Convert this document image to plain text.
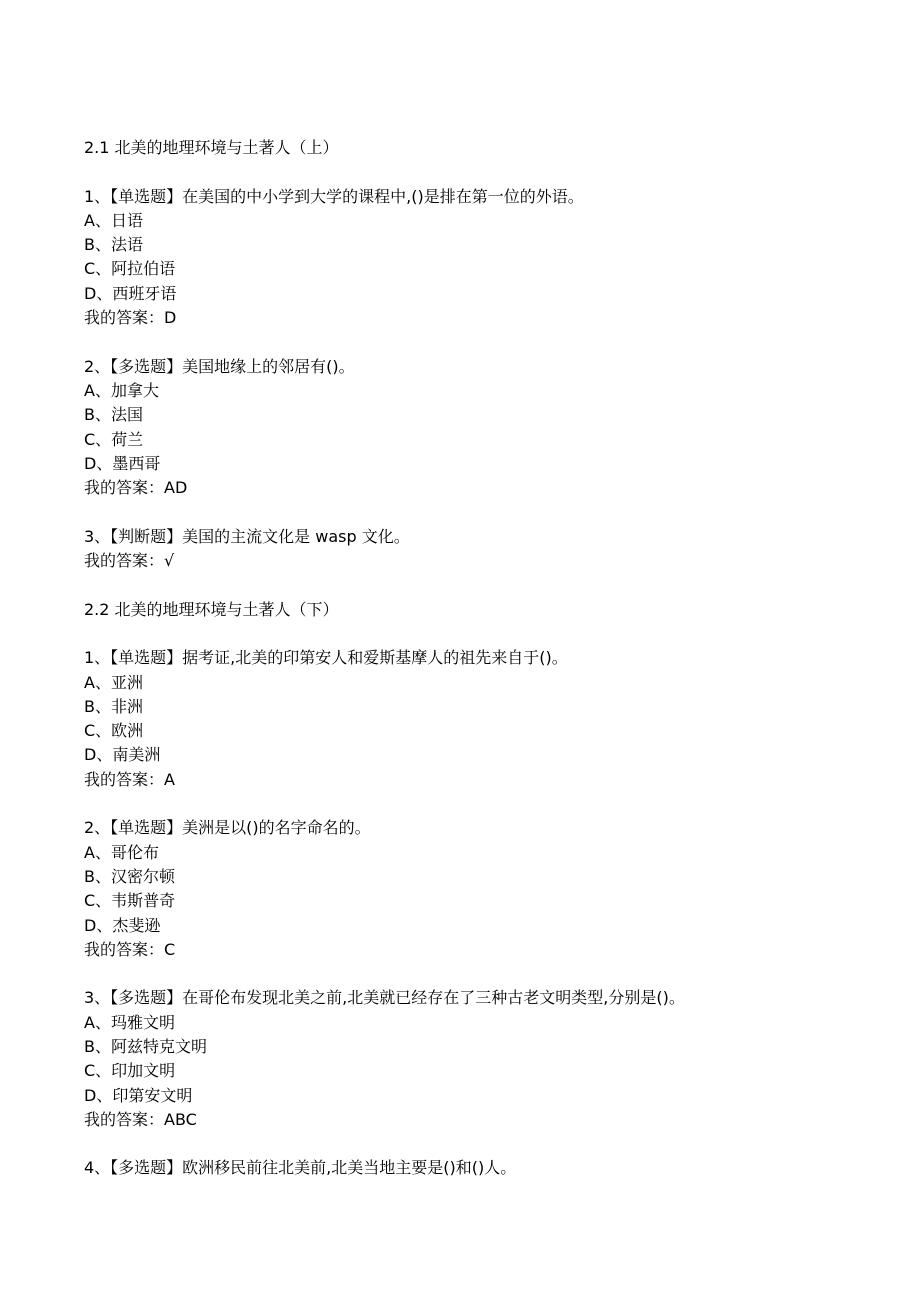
2.1 北美的地理环境与土著人（上）
1、【单选题】在美国的中小学到大学的课程中,()是排在第一位的外语。
A、日语
B、法语
C、阿拉伯语
D、西班牙语
我的答案：D
2、【多选题】美国地缘上的邻居有()。
A、加拿大
B、法国
C、荷兰
D、墨西哥
我的答案：AD
3、【判断题】美国的主流文化是 wasp 文化。
我的答案：√
2.2 北美的地理环境与土著人（下）
1、【单选题】据考证,北美的印第安人和爱斯基摩人的祖先来自于()。
A、亚洲
B、非洲
C、欧洲
D、南美洲
我的答案：A
2、【单选题】美洲是以()的名字命名的。
A、哥伦布
B、汉密尔顿
C、韦斯普奇
D、杰斐逊
我的答案：C
3、【多选题】在哥伦布发现北美之前,北美就已经存在了三种古老文明类型,分别是()。
A、玛雅文明
B、阿兹特克文明
C、印加文明
D、印第安文明
我的答案：ABC
4、【多选题】欧洲移民前往北美前,北美当地主要是()和()人。
